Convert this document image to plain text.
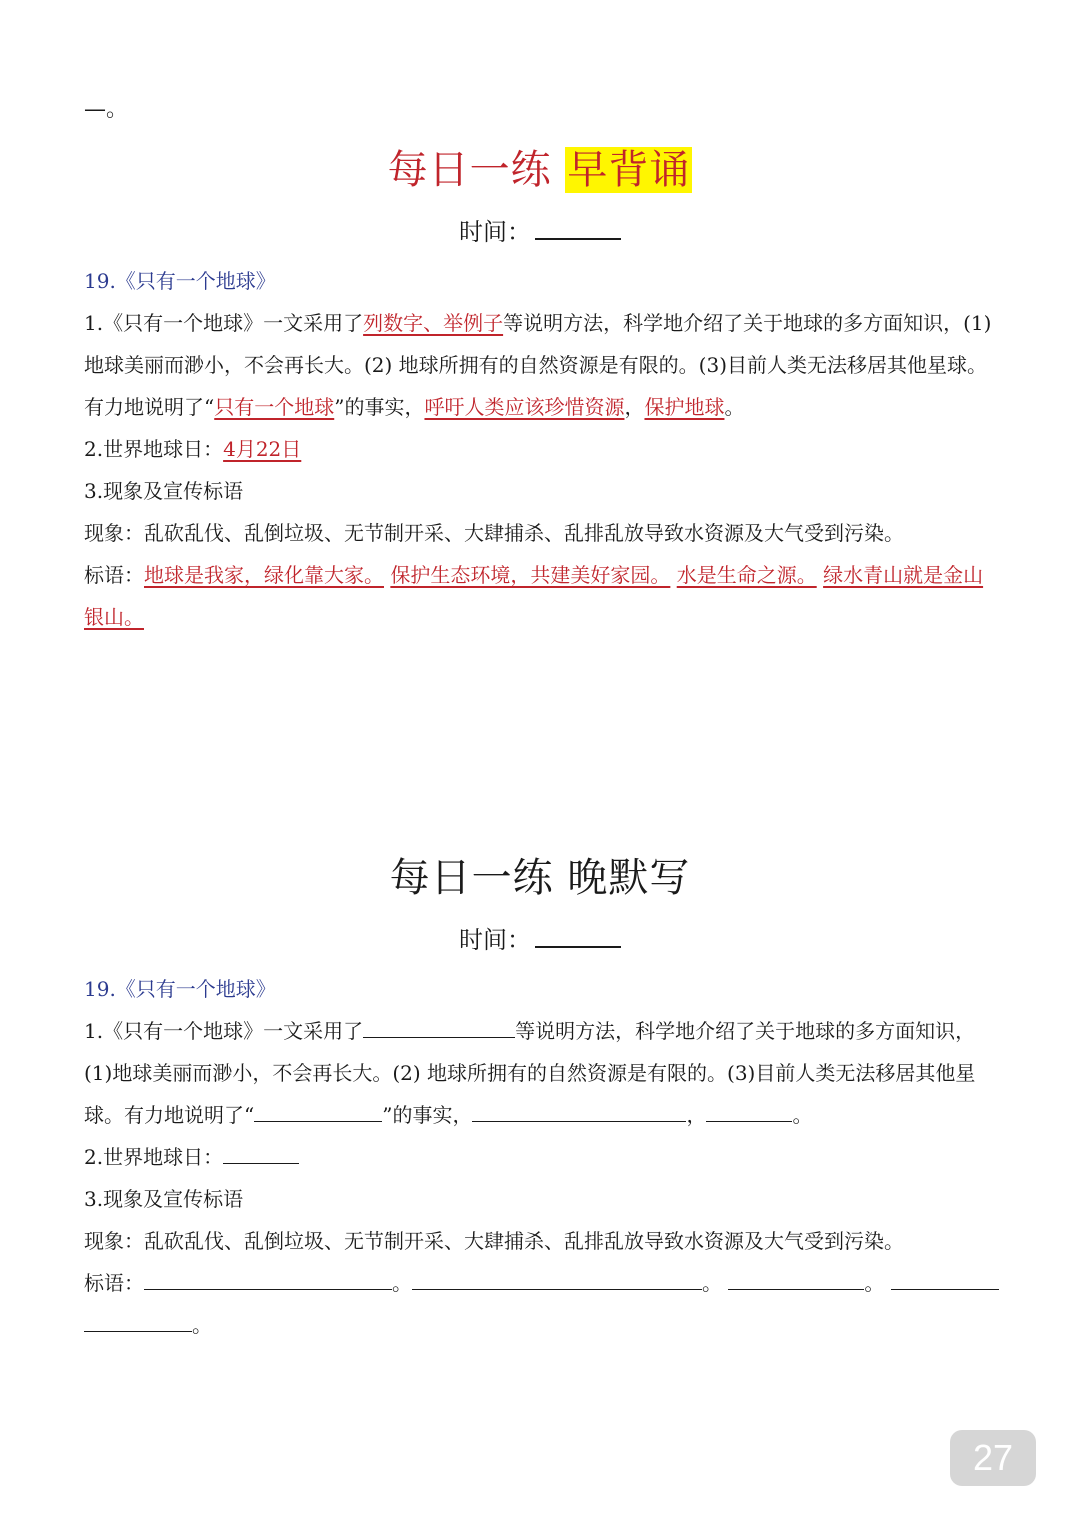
—。
每日一练 早背诵
时间：

19.《只有一个地球》

1.《只有一个地球》一文采用了列数字、举例子等说明方法，科学地介绍了关于地球的多方面知识，(1)地球美丽而渺小，不会再长大。(2) 地球所拥有的自然资源是有限的。(3)目前人类无法移居其他星球。有力地说明了“只有一个地球”的事实，呼吁人类应该珍惜资源，保护地球。

2.世界地球日：4月22日

3.现象及宣传标语

现象：乱砍乱伐、乱倒垃圾、无节制开采、大肆捕杀、乱排乱放导致水资源及大气受到污染。

标语：地球是我家，绿化靠大家。 保护生态环境，共建美好家园。 水是生命之源。 绿水青山就是金山银山。

每日一练 晚默写
时间：

19.《只有一个地球》

1.《只有一个地球》一文采用了	等说明方法，科学地介绍了关于地球的多方面知识，(1)地球美丽而渺小，不会再长大。(2) 地球所拥有的自然资源是有限的。(3)目前人类无法移居其他星球。有力地说明了“	”的事实，	，	。

2.世界地球日：

3.现象及宣传标语

现象：乱砍乱伐、乱倒垃圾、无节制开采、大肆捕杀、乱排乱放导致水资源及大气受到污染。

标语：	。	。	。

。

27
